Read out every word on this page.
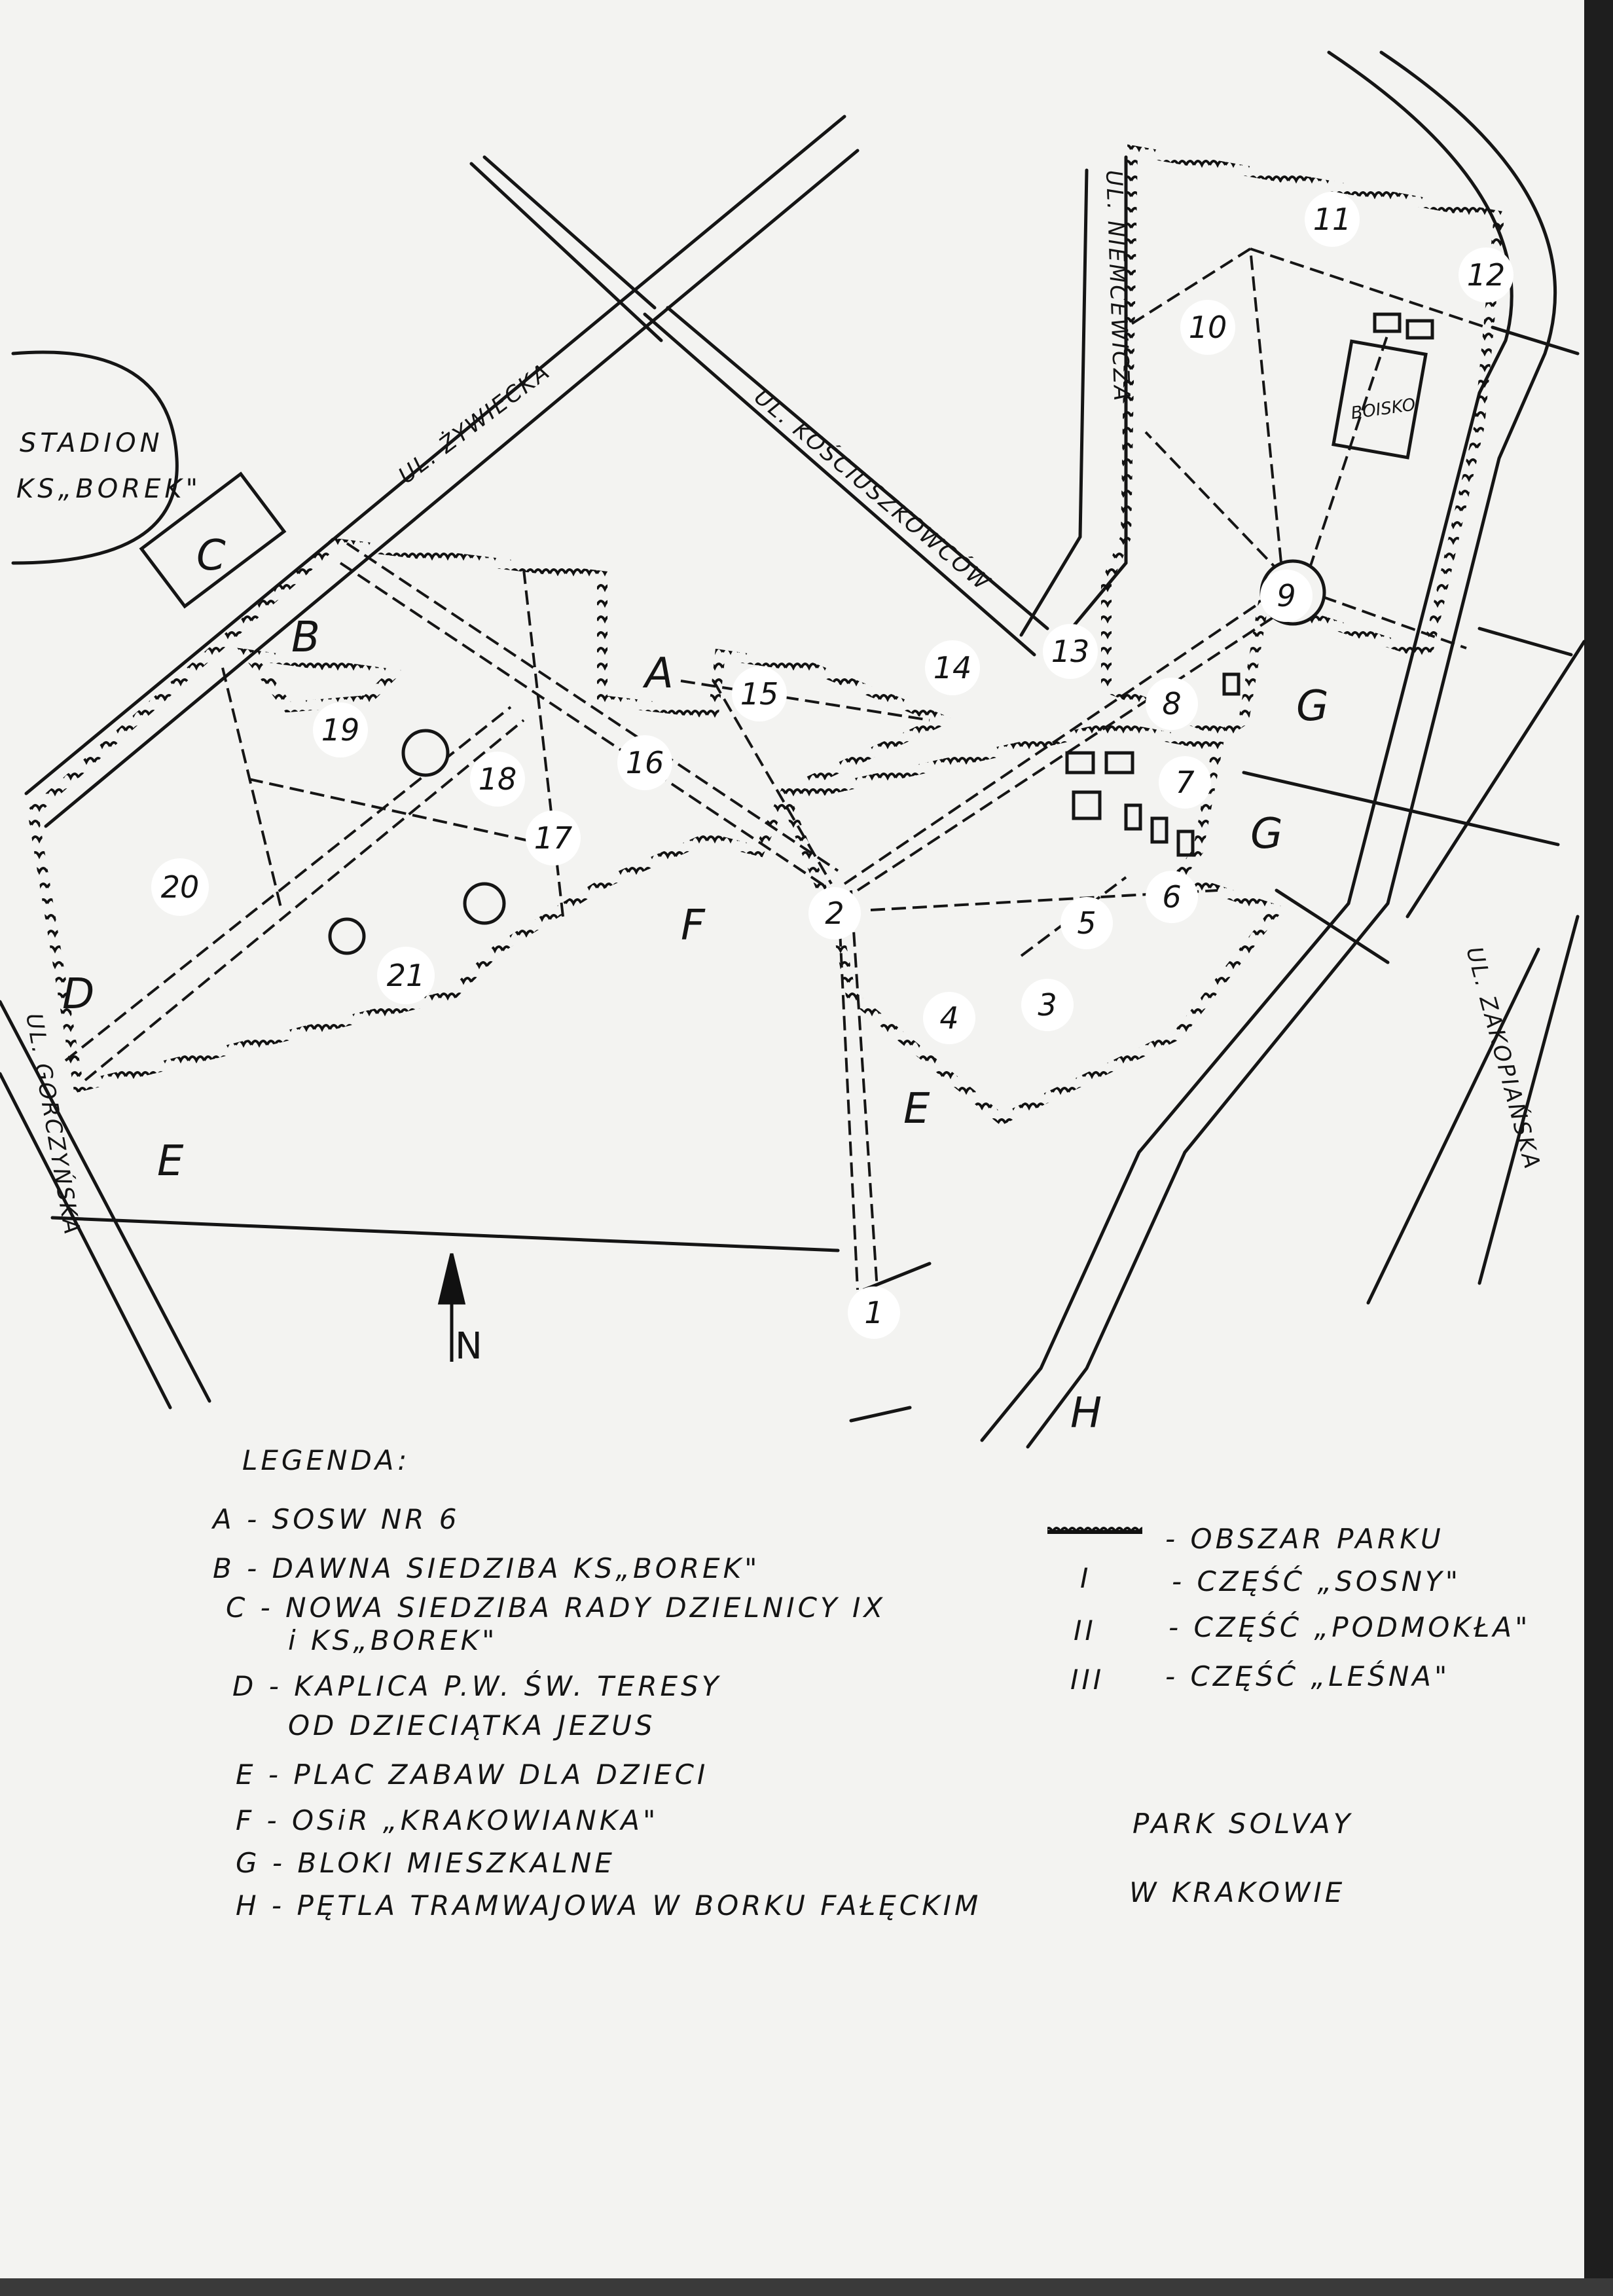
STADION
KS„BOREK"	UL. ŻYWIECKA	UL. KOŚCIUSZKOWCÓW
UL. NIEMCEWICZA
UL. ZAKOPIAŃSKA
UL. GORCZYŃSKA
BOISKO
A
B
C
D
E
E
F
G
G
H
N
1
2
3
4
5
6
7
8
9
10
11
12
13
14
15
16
17
18
19
20
21
LEGENDA:
A - SOSW NR 6
B - DAWNA SIEDZIBA KS„BOREK"
C - NOWA SIEDZIBA RADY DZIELNICY IX
i KS„BOREK"
D - KAPLICA P.W. ŚW. TERESY
OD DZIECIĄTKA JEZUS
E - PLAC ZABAW DLA DZIECI
F - OSiR „KRAKOWIANKA"
G - BLOKI MIESZKALNE
H - PĘTLA TRAMWAJOWA W BORKU FAŁĘCKIM
- OBSZAR PARKU
I	- CZĘŚĆ „SOSNY"
II	- CZĘŚĆ „PODMOKŁA"
III - CZĘŚĆ „LEŚNA"
PARK SOLVAY
W KRAKOWIE
